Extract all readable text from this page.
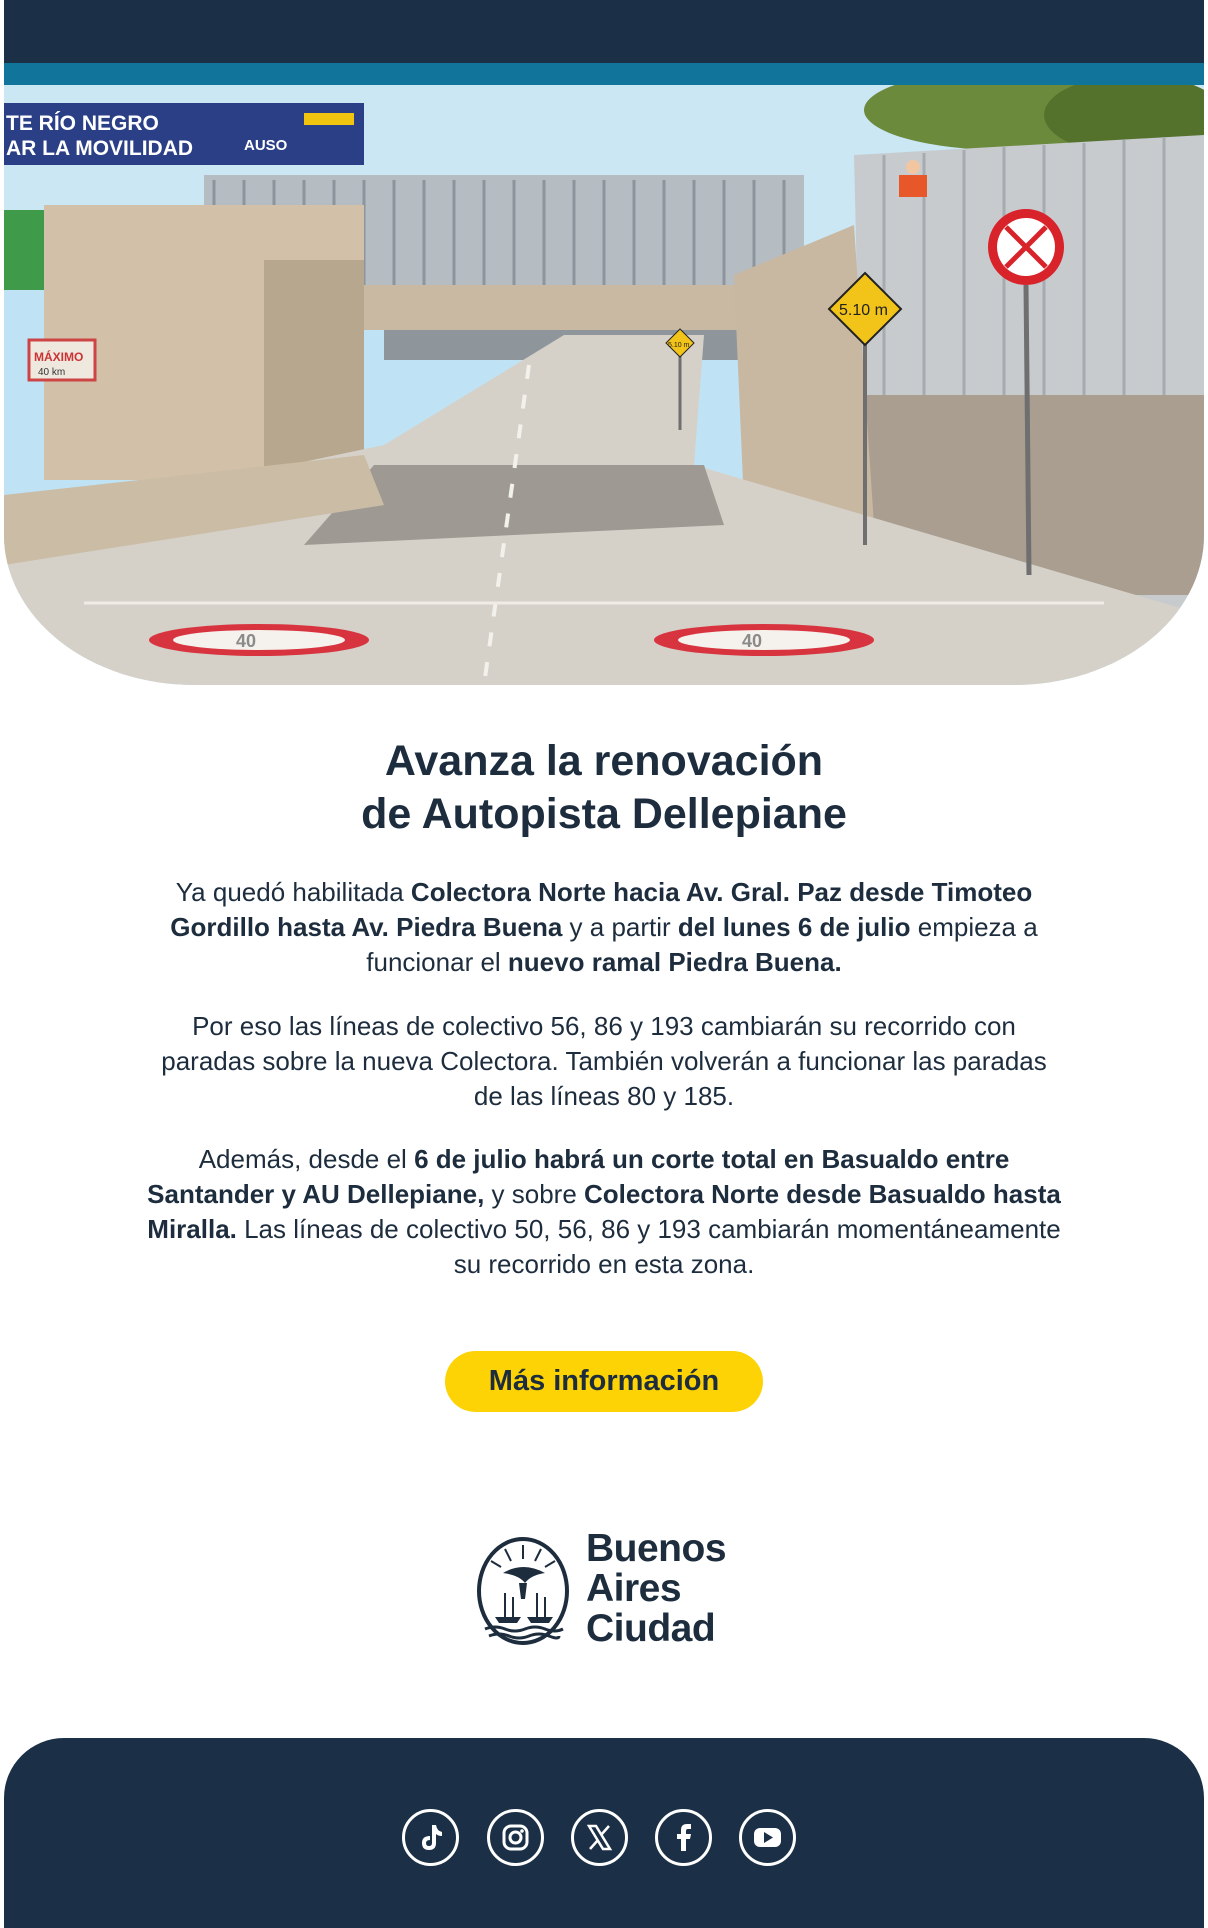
TE RÍO NEGRO
AR LA MOVILIDAD	AUSO
MÁXIMO
40 km
40	40
5.10 m
5.10 m
Avanza la renovación
de Autopista Dellepiane

Ya quedó habilitada Colectora Norte hacia Av. Gral. Paz desde Timoteo Gordillo hasta Av. Piedra Buena y a partir del lunes 6 de julio empieza a funcionar el nuevo ramal Piedra Buena.

Por eso las líneas de colectivo 56, 86 y 193 cambiarán su recorrido con paradas sobre la nueva Colectora. También volverán a funcionar las paradas de las líneas 80 y 185.

Además, desde el 6 de julio habrá un corte total en Basualdo entre Santander y AU Dellepiane, y sobre Colectora Norte desde Basualdo hasta Miralla. Las líneas de colectivo 50, 56, 86 y 193 cambiarán momentáneamente su recorrido en esta zona.

Más información
Buenos
Aires
Ciudad
